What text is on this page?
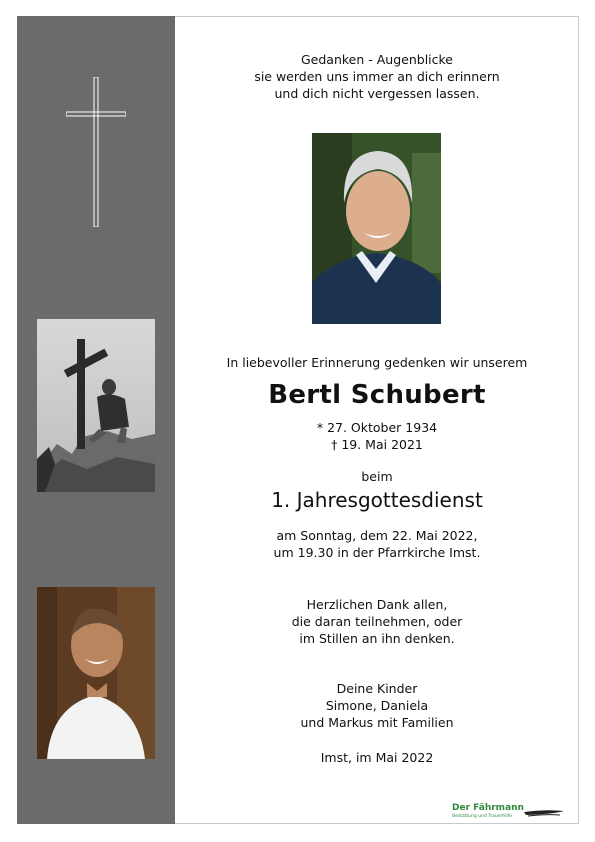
Gedanken - Augenblicke
sie werden uns immer an dich erinnern
und dich nicht vergessen lassen.
In liebevoller Erinnerung gedenken wir unserem
Bertl Schubert
* 27. Oktober 1934
† 19. Mai 2021
beim
1. Jahresgottesdienst
am Sonntag, dem 22. Mai 2022,
um 19.30 in der Pfarrkirche Imst.
Herzlichen Dank allen,
die daran teilnehmen, oder
im Stillen an ihn denken.
Deine Kinder
Simone, Daniela
und Markus mit Familien
Imst, im Mai 2022
Der Fährmann
Bestattung und Trauerhilfe
